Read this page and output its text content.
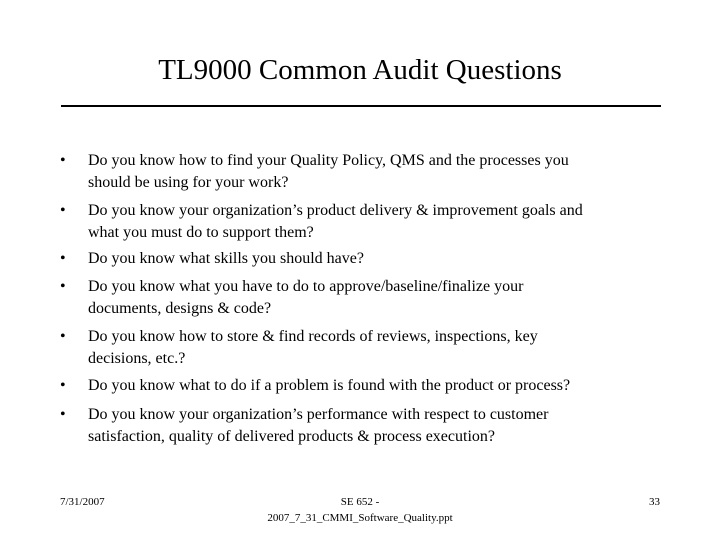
TL9000 Common Audit Questions
•	Do you know how to find your Quality Policy, QMS and the processes you
should be using for your work?
•	Do you know your organization’s product delivery & improvement goals and
what you must do to support them?
•	Do you know what skills you should have?
•	Do you know what you have to do to approve/baseline/finalize your
documents, designs & code?
•	Do you know how to store & find records of reviews, inspections, key
decisions, etc.?
•	Do you know what to do if a problem is found with the product or process?
•	Do you know your organization’s performance with respect to customer
satisfaction, quality of delivered products & process execution?
7/31/2007	SE 652 -
2007_7_31_CMMI_Software_Quality.ppt
33
